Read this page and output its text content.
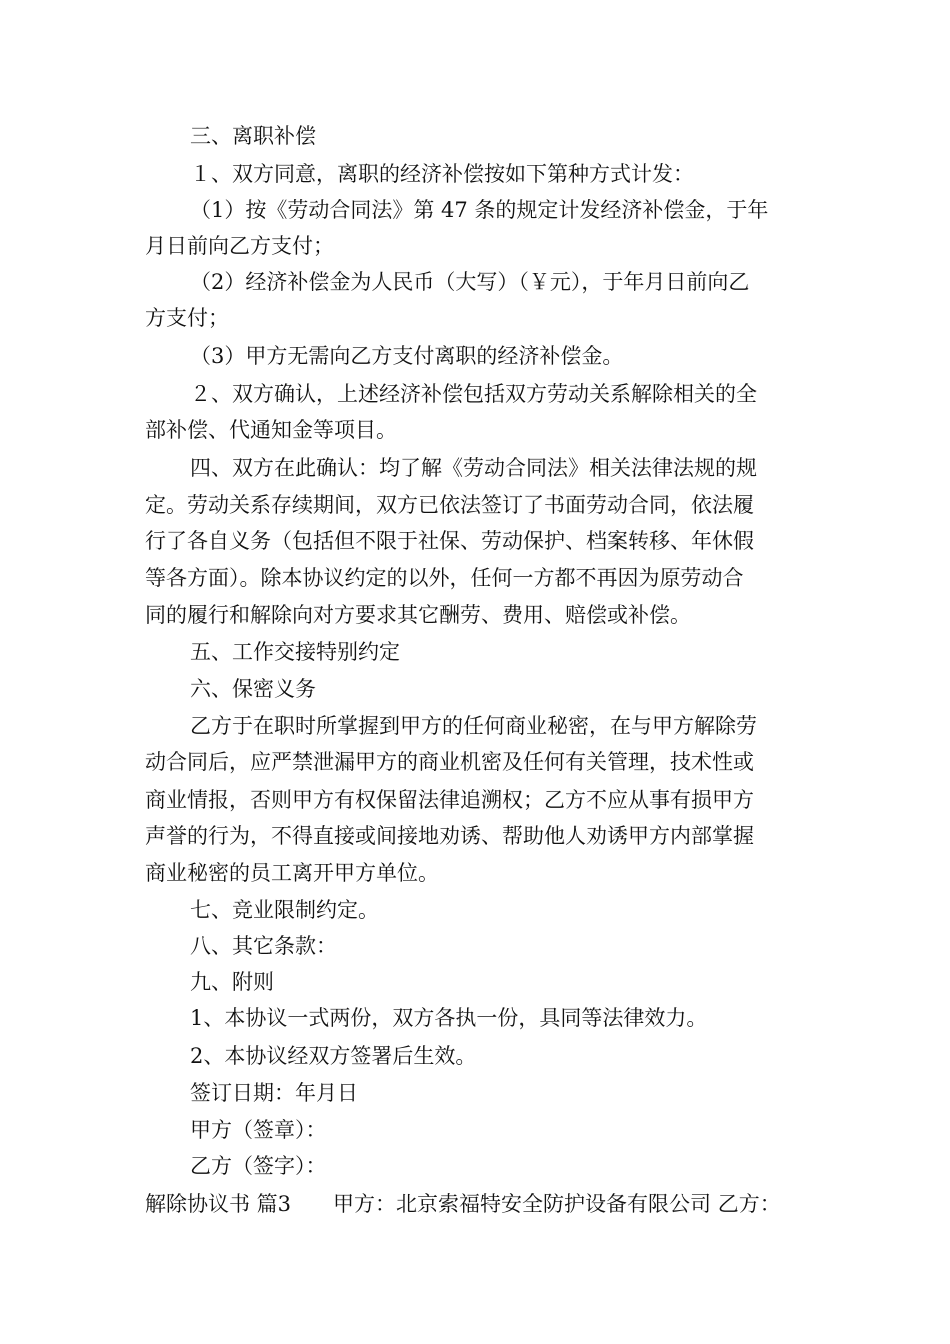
三、离职补偿
１、双方同意，离职的经济补偿按如下第种方式计发：
（1）按《劳动合同法》第 47 条的规定计发经济补偿金，于年
月日前向乙方支付；
（2）经济补偿金为人民币（大写）（￥元），于年月日前向乙
方支付；
（3）甲方无需向乙方支付离职的经济补偿金。
２、双方确认，上述经济补偿包括双方劳动关系解除相关的全
部补偿、代通知金等项目。
四、双方在此确认：均了解《劳动合同法》相关法律法规的规
定。劳动关系存续期间，双方已依法签订了书面劳动合同，依法履
行了各自义务（包括但不限于社保、劳动保护、档案转移、年休假
等各方面）。除本协议约定的以外，任何一方都不再因为原劳动合
同的履行和解除向对方要求其它酬劳、费用、赔偿或补偿。
五、工作交接特别约定
六、保密义务
乙方于在职时所掌握到甲方的任何商业秘密，在与甲方解除劳
动合同后，应严禁泄漏甲方的商业机密及任何有关管理，技术性或
商业情报，否则甲方有权保留法律追溯权；乙方不应从事有损甲方
声誉的行为，不得直接或间接地劝诱、帮助他人劝诱甲方内部掌握
商业秘密的员工离开甲方单位。
七、竞业限制约定。
八、其它条款：
九、附则
1、本协议一式两份，双方各执一份，具同等法律效力。
2、本协议经双方签署后生效。
签订日期：年月日
甲方（签章）：
乙方（签字）：
解除协议书 篇3　　甲方：北京索福特安全防护设备有限公司 乙方：
